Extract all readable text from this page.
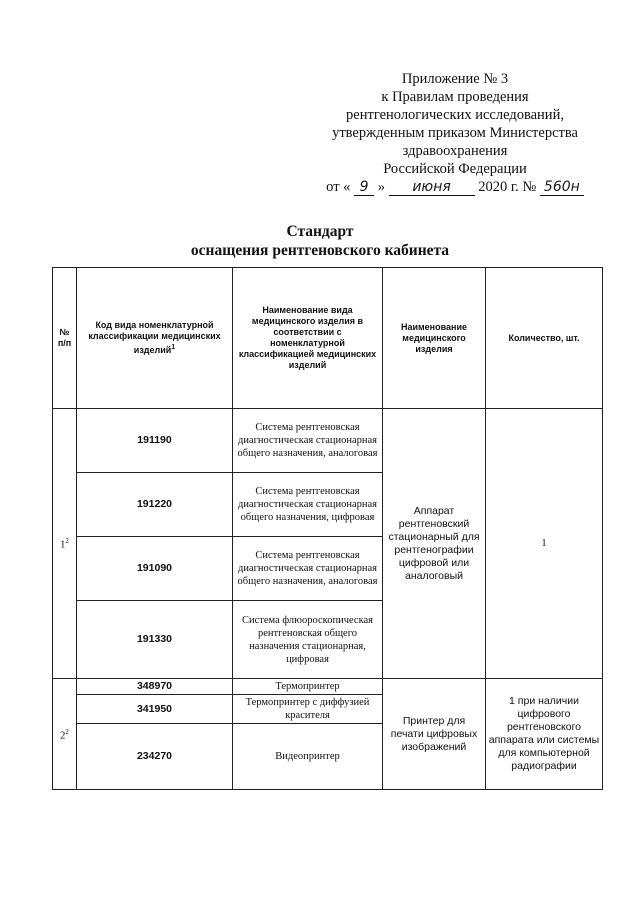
Приложение № 3
к Правилам проведения
рентгенологических исследований,
утвержденным приказом Министерства
здравоохранения
Российской Федерации
от « 9 » июня 2020 г. № 560н
Стандарт
оснащения рентгеновского кабинета
№ п/п	Код вида номенклатурной классификации медицинских изделий$^1$	Наименование вида медицинского изделия в соответствии с номенклатурной классификацией медицинских изделий	Наименование медицинского изделия	Количество, шт.
$1^2$	191190	Система рентгеновская диагностическая стационарная общего назначения, аналоговая	Аппарат рентгеновский стационарный для рентгенографии цифровой или аналоговый	1
	191220	Система рентгеновская диагностическая стационарная общего назначения, цифровая		
	191090	Система рентгеновская диагностическая стационарная общего назначения, аналоговая		
	191330	Система флюороскопическая рентгеновская общего назначения стационарная, цифровая		
$2^2$	348970	Термопринтер	Принтер для печати цифровых изображений	1 при наличии цифрового рентгеновского аппарата или системы для компьютерной радиографии
	341950	Термопринтер с диффузией красителя		
	234270	Видеопринтер		
